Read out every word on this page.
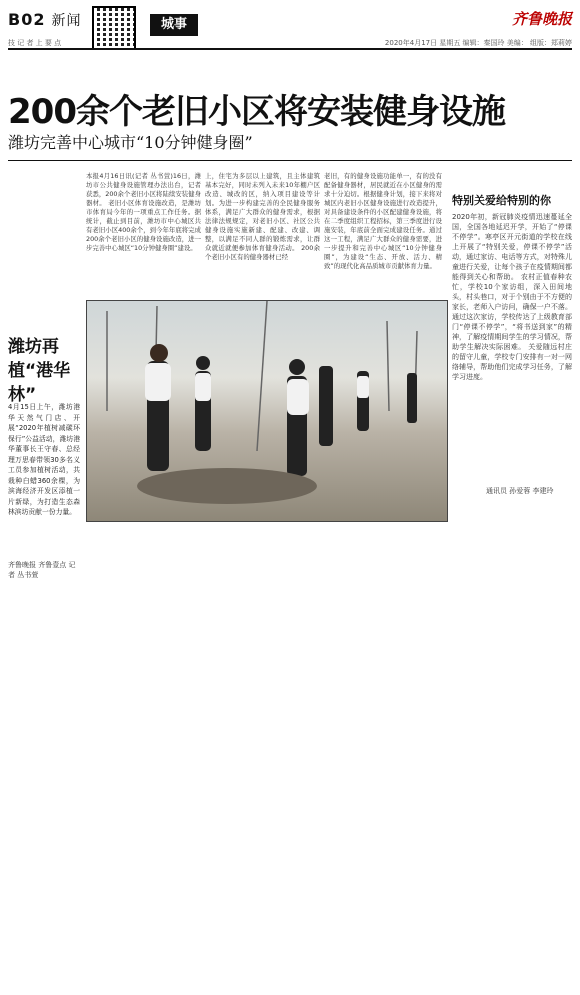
B02 新闻	城事	齐鲁晚报
技 记 者 上 要 点	2020年4月17日 星期五 编辑：秦国玲 美编： 组版：郑莉婷
200余个老旧小区将安装健身设施
潍坊完善中心城市“10分钟健身圈”
本报4月16日讯(记者 丛书萱)16日，潍坊市公共健身设施管理办法出台，记者获悉，200余个老旧小区将陆续安装健身器材。 老旧小区体育设施改造，是潍坊市体育局今年的一项重点工作任务。据统计，截止到目前，潍坊市中心城区共有老旧小区400余个，到今年年底将完成200余个老旧小区的健身设施改造，进一步完善中心城区“10分钟健身圈”建设。
上，住宅为多层以上建筑，且主体建筑基本完好，同时未列入未来10年棚户区改造、城改的区，纳入项目建设等计划。为进一步构建完善的全民健身服务体系，满足广大群众的健身需求，根据法律法规规定，对老旧小区、社区公共健身设施实施新建、配建、改建、调整，以满足不同人群的锻炼需求，让群众就近就便参加体育健身活动。 200余个老旧小区有的健身器材已经
老旧，有的健身设施功能单一，有的没有配备健身器材，居民就近在小区健身的需求十分迫切。根据健身计划，接下来将对城区内老旧小区健身设施进行改造提升，对具备建设条件的小区配建健身设施，将在二季度组织工程招标，第三季度进行设施安装，年底前全面完成建设任务。通过这一工程，满足广大群众的健身需要，进一步提升和完善中心城区“10分钟健身圈”，为建设“生态、开放、活力、精致”的现代化高品质城市贡献体育力量。
特别关爱给特别的你
2020年初，新冠肺炎疫情迅速蔓延全国，全国各地延迟开学，开始了“停课不停学”。寒亭区开元街道的学校在线上开展了“特别关爱，停课不停学”活动，通过家访、电话等方式，对特殊儿童进行关爱，让每个孩子在疫情期间都能得到关心和帮助。 农村正值春种农忙，学校10个家访组，深入田间地头，村头巷口，对于个别由于不方便的家长，老师入户访问，确保一户不落。通过这次家访，学校传达了上级教育部门“停课不停学”，“将书送到家”的精神，了解疫情期间学生的学习情况，帮助学生解决实际困难。 关爱随远村庄的留守儿童，学校专门安排有一对一网络辅导，帮助他们完成学习任务，了解学习进度。
通讯员 孙爱蓉 李建玲
潍坊再植“港华林”
4月15日上午，潍坊港华天然气门店、开展“2020年植树减碳环保行”公益活动，潍坊港华董事长王守春、总经理万思春带领30多名义工员参加植树活动，共栽种白蜡360余棵，为滨海经济开发区添植一片新绿，为打造生态森林滨坊贡献一份力量。
齐鲁晚报 齐鲁壹点 记者 丛书萱
